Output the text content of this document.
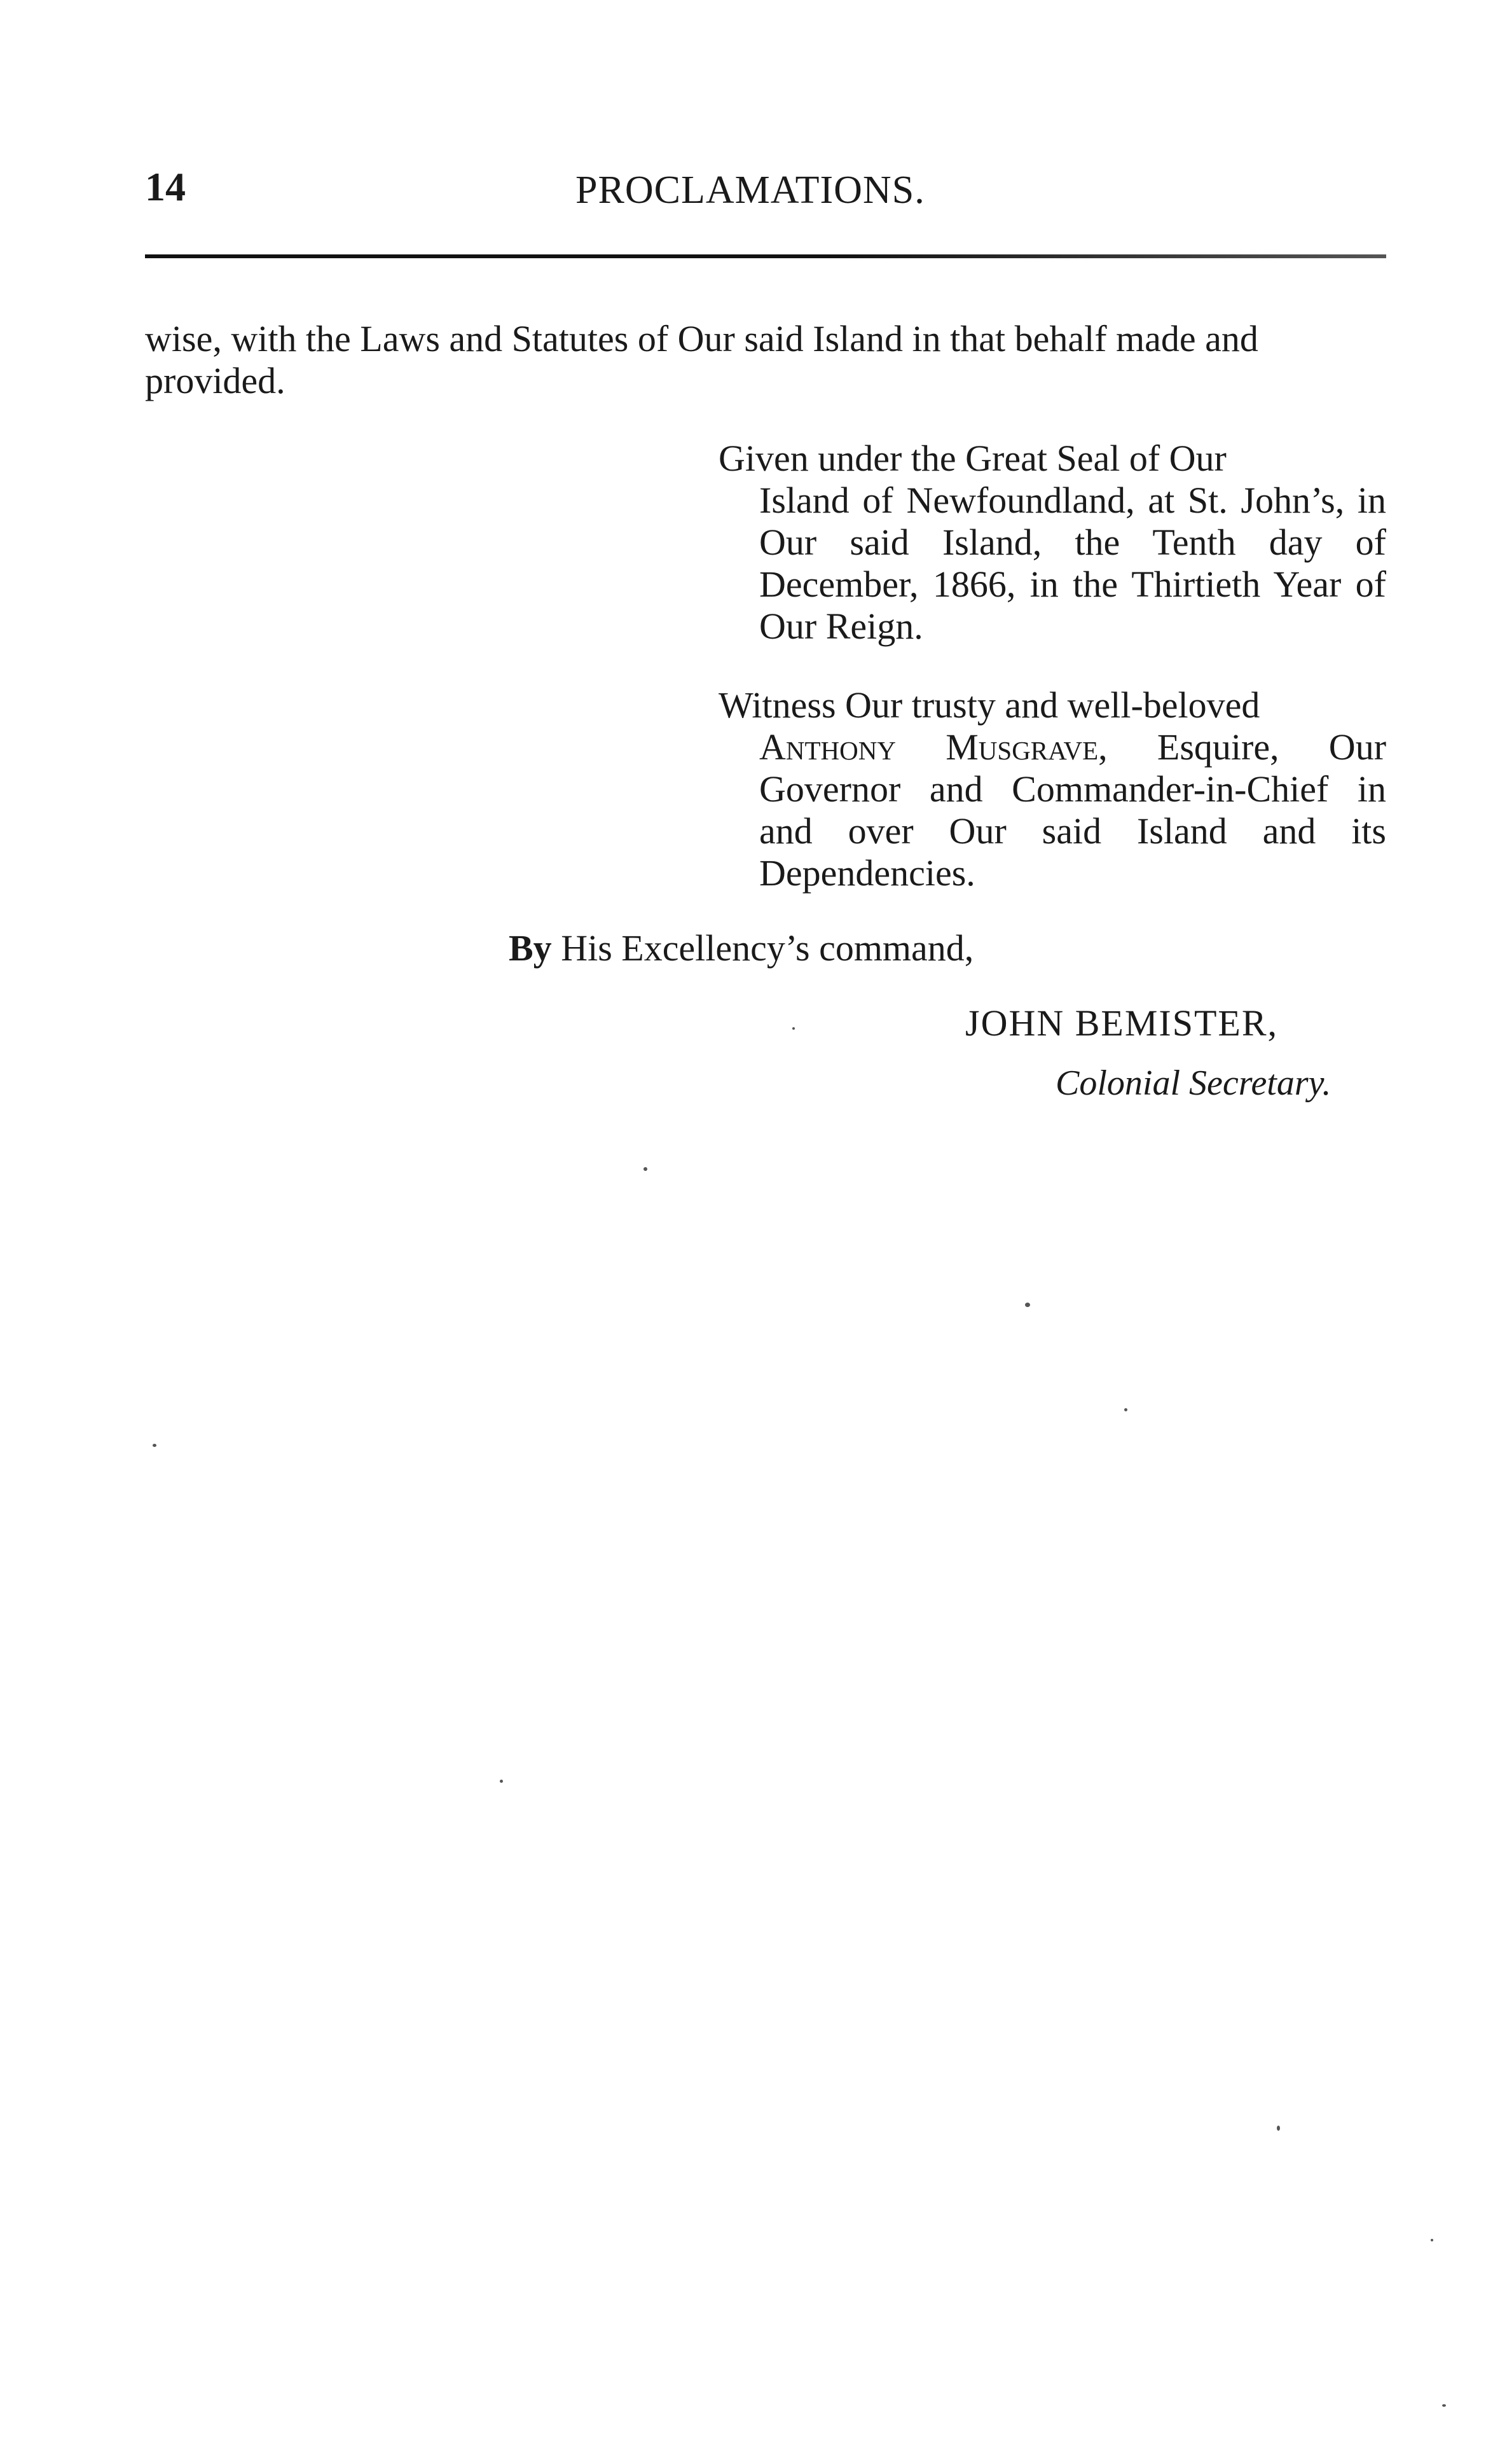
14	PROCLAMATIONS.
wise, with the Laws and Statutes of Our said Island in that behalf made and provided.
Given under the Great Seal of Our
Island of Newfoundland, at St. John’s, in Our said Island, the Tenth day of December, 1866, in the Thirtieth Year of Our Reign.
Witness Our trusty and well-beloved
Anthony Musgrave, Esquire, Our Governor and Commander-in-Chief in and over Our said Island and its Dependencies.
By His Excellency’s command,
JOHN BEMISTER,
Colonial Secretary.
